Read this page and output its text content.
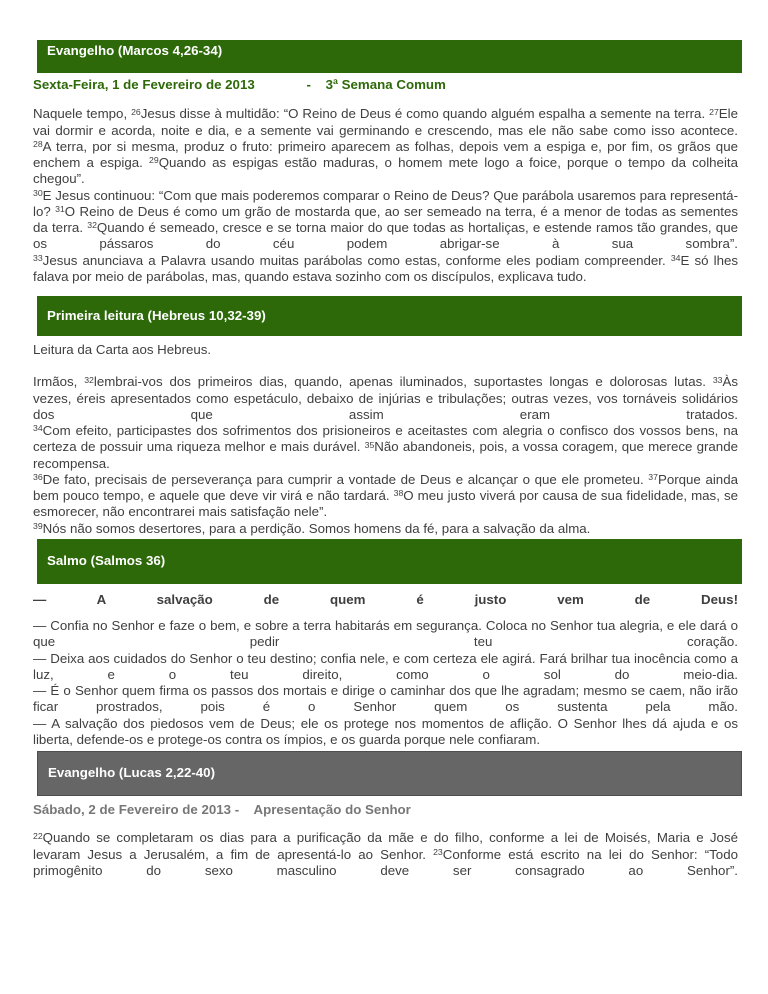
Evangelho (Marcos 4,26-34)
Sexta-Feira, 1 de Fevereiro de 2013              -    3ª Semana Comum
Naquele tempo, $^{26}$Jesus disse à multidão: “O Reino de Deus é como quando alguém espalha a semente na terra. $^{27}$Ele vai dormir e acorda, noite e dia, e a semente vai germinando e crescendo, mas ele não sabe como isso acontece.
$^{28}$A terra, por si mesma, produz o fruto: primeiro aparecem as folhas, depois vem a espiga e, por fim, os grãos que enchem a espiga. $^{29}$Quando as espigas estão maduras, o homem mete logo a foice, porque o tempo da colheita chegou”.
$^{30}$E Jesus continuou: “Com que mais poderemos comparar o Reino de Deus? Que parábola usaremos para representá-lo? $^{31}$O Reino de Deus é como um grão de mostarda que, ao ser semeado na terra, é a menor de todas as sementes da terra. $^{32}$Quando é semeado, cresce e se torna maior do que todas as hortaliças, e estende ramos tão grandes, que os pássaros do céu podem abrigar-se à sua sombra”.
$^{33}$Jesus anunciava a Palavra usando muitas parábolas como estas, conforme eles podiam compreender. $^{34}$E só lhes falava por meio de parábolas, mas, quando estava sozinho com os discípulos, explicava tudo.
Primeira leitura (Hebreus 10,32-39)
Leitura da Carta aos Hebreus.
Irmãos, $^{32}$lembrai-vos dos primeiros dias, quando, apenas iluminados, suportastes longas e dolorosas lutas. $^{33}$Às vezes, éreis apresentados como espetáculo, debaixo de injúrias e tribulações; outras vezes, vos tornáveis solidários dos que assim eram tratados.
$^{34}$Com efeito, participastes dos sofrimentos dos prisioneiros e aceitastes com alegria o confisco dos vossos bens, na certeza de possuir uma riqueza melhor e mais durável. $^{35}$Não abandoneis, pois, a vossa coragem, que merece grande recompensa.
$^{36}$De fato, precisais de perseverança para cumprir a vontade de Deus e alcançar o que ele prometeu. $^{37}$Porque ainda bem pouco tempo, e aquele que deve vir virá e não tardará. $^{38}$O meu justo viverá por causa de sua fidelidade, mas, se esmorecer, não encontrarei mais satisfação nele”.
$^{39}$Nós não somos desertores, para a perdição. Somos homens da fé, para a salvação da alma.
Salmo (Salmos 36)
— A salvação de quem é justo vem de Deus!
— Confia no Senhor e faze o bem, e sobre a terra habitarás em segurança. Coloca no Senhor tua alegria, e ele dará o que pedir teu coração.
— Deixa aos cuidados do Senhor o teu destino; confia nele, e com certeza ele agirá. Fará brilhar tua inocência como a luz, e o teu direito, como o sol do meio-dia.
— É o Senhor quem firma os passos dos mortais e dirige o caminhar dos que lhe agradam; mesmo se caem, não irão ficar prostrados, pois é o Senhor quem os sustenta pela mão.
— A salvação dos piedosos vem de Deus; ele os protege nos momentos de aflição. O Senhor lhes dá ajuda e os liberta, defende-os e protege-os contra os ímpios, e os guarda porque nele confiaram.
Evangelho (Lucas 2,22-40)
Sábado, 2 de Fevereiro de 2013 -    Apresentação do Senhor
$^{22}$Quando se completaram os dias para a purificação da mãe e do filho, conforme a lei de Moisés, Maria e José levaram Jesus a Jerusalém, a fim de apresentá-lo ao Senhor. $^{23}$Conforme está escrito na lei do Senhor: “Todo primogênito do sexo masculino deve ser consagrado ao Senhor”.
